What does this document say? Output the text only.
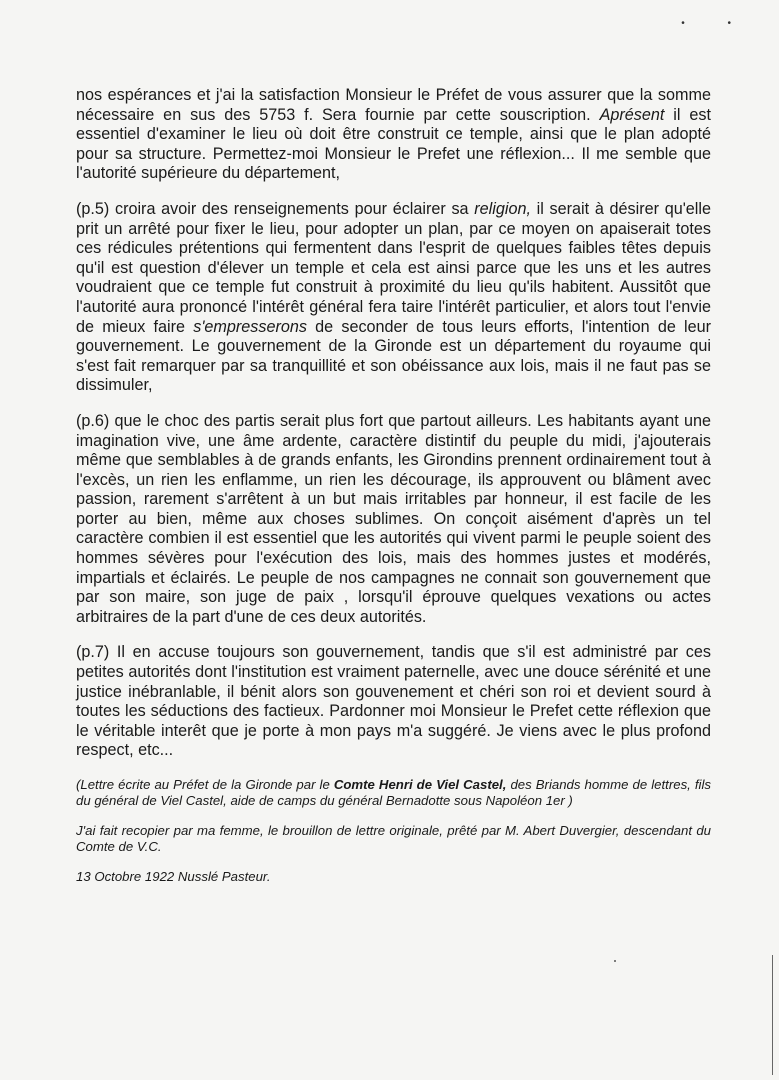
• •

nos espérances et j'ai la satisfaction Monsieur le Préfet de vous assurer que la somme nécessaire en sus des 5753 f. Sera fournie par cette souscription. Aprésent il est essentiel d'examiner le lieu où doit être construit ce temple, ainsi que le plan adopté pour sa structure. Permettez-moi Monsieur le Prefet une réflexion... Il me semble que l'autorité supérieure du département,

(p.5) croira avoir des renseignements pour éclairer sa religion, il serait à désirer qu'elle prit un arrêté pour fixer le lieu, pour adopter un plan, par ce moyen on apaiserait totes ces rédicules prétentions qui fermentent dans l'esprit de quelques faibles têtes depuis qu'il est question d'élever un temple et cela est ainsi parce que les uns et les autres voudraient que ce temple fut construit à proximité du lieu qu'ils habitent. Aussitôt que l'autorité aura prononcé l'intérêt général fera taire l'intérêt particulier, et alors tout l'envie de mieux faire s'empresserons de seconder de tous leurs efforts, l'intention de leur gouvernement. Le gouvernement de la Gironde est un département du royaume qui s'est fait remarquer par sa tranquillité et son obéissance aux lois, mais il ne faut pas se dissimuler,

(p.6) que le choc des partis serait plus fort que partout ailleurs. Les habitants ayant une imagination vive, une âme ardente, caractère distintif du peuple du midi, j'ajouterais même que semblables à de grands enfants, les Girondins prennent ordinairement tout à l'excès, un rien les enflamme, un rien les décourage, ils approuvent ou blâment avec passion, rarement s'arrêtent à un but mais irritables par honneur, il est facile de les porter au bien, même aux choses sublimes. On conçoit aisément d'après un tel caractère combien il est essentiel que les autorités qui vivent parmi le peuple soient des hommes sévères pour l'exécution des lois, mais des hommes justes et modérés, impartials et éclairés. Le peuple de nos campagnes ne connait son gouvernement que par son maire, son juge de paix , lorsqu'il éprouve quelques vexations ou actes arbitraires de la part d'une de ces deux autorités.

(p.7) Il en accuse toujours son gouvernement, tandis que s'il est administré par ces petites autorités dont l'institution est vraiment paternelle, avec une douce sérénité et une justice inébranlable, il bénit alors son gouvenement et chéri son roi et devient sourd à toutes les séductions des factieux. Pardonner moi Monsieur le Prefet cette réflexion que le véritable interêt que je porte à mon pays m'a suggéré. Je viens avec le plus profond respect, etc...

(Lettre écrite au Préfet de la Gironde par le Comte Henri de Viel Castel, des Briands homme de lettres, fils du général de Viel Castel, aide de camps du général Bernadotte sous Napoléon 1er )

J'ai fait recopier par ma femme, le brouillon de lettre originale, prêté par M. Abert Duvergier, descendant du Comte de V.C.

13 Octobre 1922 Nusslé Pasteur.
